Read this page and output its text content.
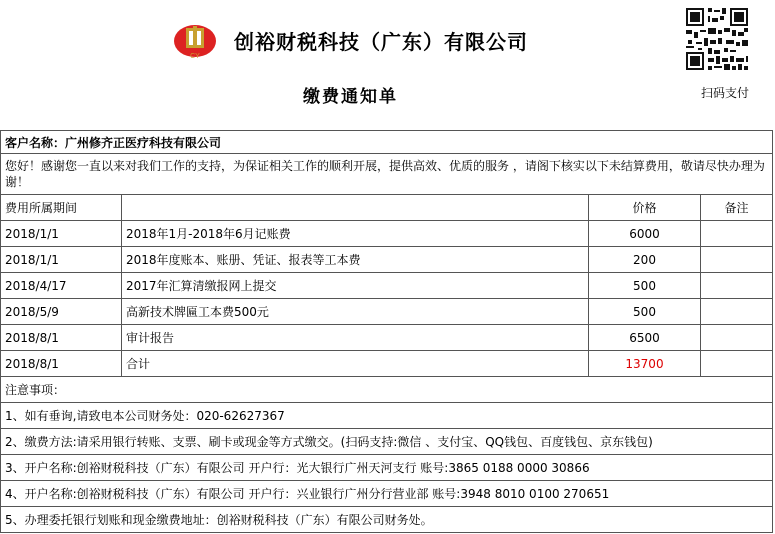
CY
创裕财税科技（广东）有限公司
缴费通知单	扫码支付
客户名称：广州修齐正医疗科技有限公司			
您好！感谢您一直以来对我们工作的支持，为保证相关工作的顺利开展，提供高效、优质的服务 ，请阁下核实以下未结算费用，敬请尽快办理为谢！			
费用所属期间		价格	备注
2018/1/1	2018年1月-2018年6月记账费	6000	
2018/1/1	2018年度账本、账册、凭证、报表等工本费	200	
2018/4/17	2017年汇算清缴报网上提交	500	
2018/5/9	高新技术牌匾工本费500元	500	
2018/8/1	审计报告	6500	
2018/8/1	合计	13700	
注意事项：			
1、如有垂询,请致电本公司财务处：020-62627367			
2、缴费方法:请采用银行转账、支票、刷卡或现金等方式缴交。(扫码支持:微信 、支付宝、QQ钱包、百度钱包、京东钱包)			
3、开户名称:创裕财税科技（广东）有限公司 开户行：光大银行广州天河支行 账号:3865 0188 0000 30866			
4、开户名称:创裕财税科技（广东）有限公司 开户行：兴业银行广州分行营业部 账号:3948 8010 0100 270651			
5、办理委托银行划账和现金缴费地址：创裕财税科技（广东）有限公司财务处。			
